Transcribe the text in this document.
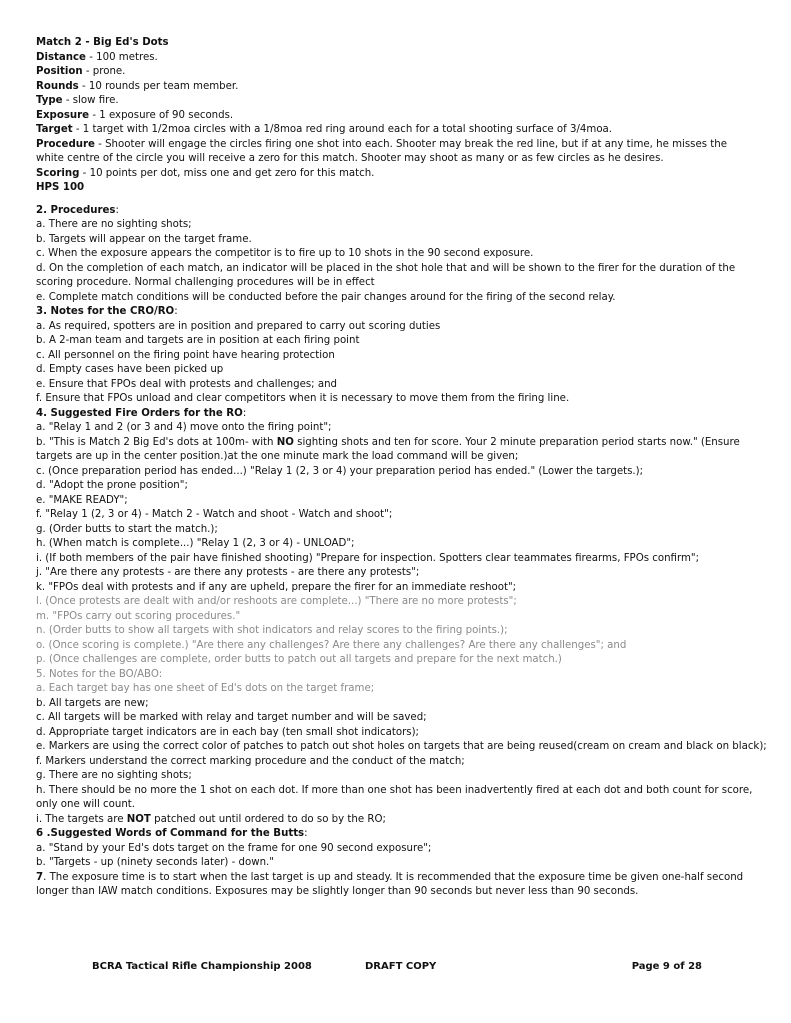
Match 2 - Big Ed's Dots
Distance - 100 metres.
Position - prone.
Rounds - 10 rounds per team member.
Type - slow fire.
Exposure - 1 exposure of 90 seconds.
Target - 1 target with 1/2moa circles with a 1/8moa red ring around each for a total shooting surface of 3/4moa.
Procedure - Shooter will engage the circles firing one shot into each. Shooter may break the red line, but if at any time, he misses the white centre of the circle you will receive a zero for this match. Shooter may shoot as many or as few circles as he desires.
Scoring - 10 points per dot, miss one and get zero for this match.
HPS 100
2. Procedures:
a. There are no sighting shots;
b. Targets will appear on the target frame.
c. When the exposure appears the competitor is to fire up to 10 shots in the 90 second exposure.
d. On the completion of each match, an indicator will be placed in the shot hole that and will be shown to the firer for the duration of the scoring procedure. Normal challenging procedures will be in effect
e. Complete match conditions will be conducted before the pair changes around for the firing of the second relay.
3. Notes for the CRO/RO:
a. As required, spotters are in position and prepared to carry out scoring duties
b. A 2-man team and targets are in position at each firing point
c. All personnel on the firing point have hearing protection
d. Empty cases have been picked up
e. Ensure that FPOs deal with protests and challenges; and
f. Ensure that FPOs unload and clear competitors when it is necessary to move them from the firing line.
4. Suggested Fire Orders for the RO:
a. "Relay 1 and 2 (or 3 and 4) move onto the firing point";
b. "This is Match 2 Big Ed's dots at 100m- with NO sighting shots and ten for score. Your 2 minute preparation period starts now." (Ensure targets are up in the center position.)at the one minute mark the load command will be given;
c. (Once preparation period has ended...) "Relay 1 (2, 3 or 4) your preparation period has ended." (Lower the targets.);
d. "Adopt the prone position";
e. "MAKE READY";
f. "Relay 1 (2, 3 or 4) - Match 2 - Watch and shoot - Watch and shoot";
g. (Order butts to start the match.);
h. (When match is complete...) "Relay 1 (2, 3 or 4) - UNLOAD";
i. (If both members of the pair have finished shooting) "Prepare for inspection. Spotters clear teammates firearms, FPOs confirm";
j. "Are there any protests - are there any protests - are there any protests";
k. "FPOs deal with protests and if any are upheld, prepare the firer for an immediate reshoot";
l. (Once protests are dealt with and/or reshoots are complete...) "There are no more protests";
m. "FPOs carry out scoring procedures."
n. (Order butts to show all targets with shot indicators and relay scores to the firing points.);
o. (Once scoring is complete.) "Are there any challenges? Are there any challenges? Are there any challenges"; and
p. (Once challenges are complete, order butts to patch out all targets and prepare for the next match.)
5. Notes for the BO/ABO:
a. Each target bay has one sheet of Ed's dots on the target frame;
b. All targets are new;
c. All targets will be marked with relay and target number and will be saved;
d. Appropriate target indicators are in each bay (ten small shot indicators);
e. Markers are using the correct color of patches to patch out shot holes on targets that are being reused(cream on cream and black on black);
f. Markers understand the correct marking procedure and the conduct of the match;
g. There are no sighting shots;
h. There should be no more the 1 shot on each dot. If more than one shot has been inadvertently fired at each dot and both count for score, only one will count.
i. The targets are NOT patched out until ordered to do so by the RO;
6 .Suggested Words of Command for the Butts:
a. "Stand by your Ed's dots target on the frame for one 90 second exposure";
b. "Targets - up (ninety seconds later) - down."
7. The exposure time is to start when the last target is up and steady. It is recommended that the exposure time be given one-half second longer than IAW match conditions. Exposures may be slightly longer than 90 seconds but never less than 90 seconds.
BCRA Tactical Rifle Championship 2008	DRAFT COPY	Page 9 of 28
